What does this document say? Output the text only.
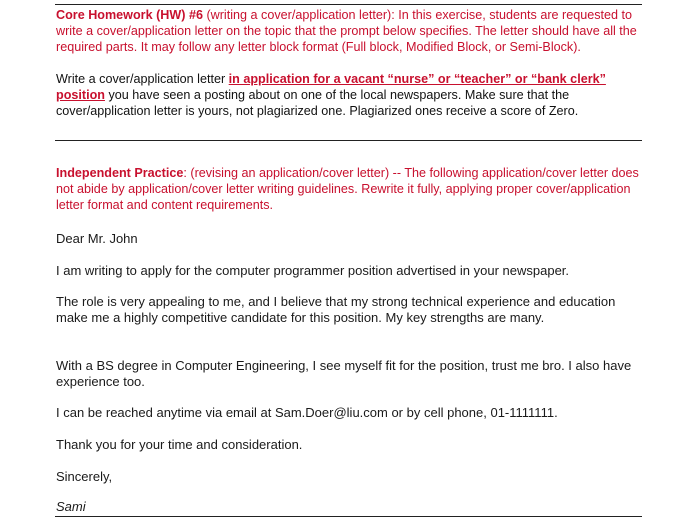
Core Homework (HW) #6 (writing a cover/application letter): In this exercise, students are requested to write a cover/application letter on the topic that the prompt below specifies. The letter should have all the required parts. It may follow any letter block format (Full block, Modified Block, or Semi-Block).
Write a cover/application letter in application for a vacant “nurse” or “teacher” or “bank clerk” position you have seen a posting about on one of the local newspapers. Make sure that the cover/application letter is yours, not plagiarized one. Plagiarized ones receive a score of Zero.
Independent Practice: (revising an application/cover letter) -- The following application/cover letter does not abide by application/cover letter writing guidelines. Rewrite it fully, applying proper cover/application letter format and content requirements.
Dear Mr. John
I am writing to apply for the computer programmer position advertised in your newspaper.
The role is very appealing to me, and I believe that my strong technical experience and education make me a highly competitive candidate for this position. My key strengths are many.
With a BS degree in Computer Engineering, I see myself fit for the position, trust me bro. I also have experience too.
I can be reached anytime via email at Sam.Doer@liu.com or by cell phone, 01-1111111.
Thank you for your time and consideration.
Sincerely,
Sami
